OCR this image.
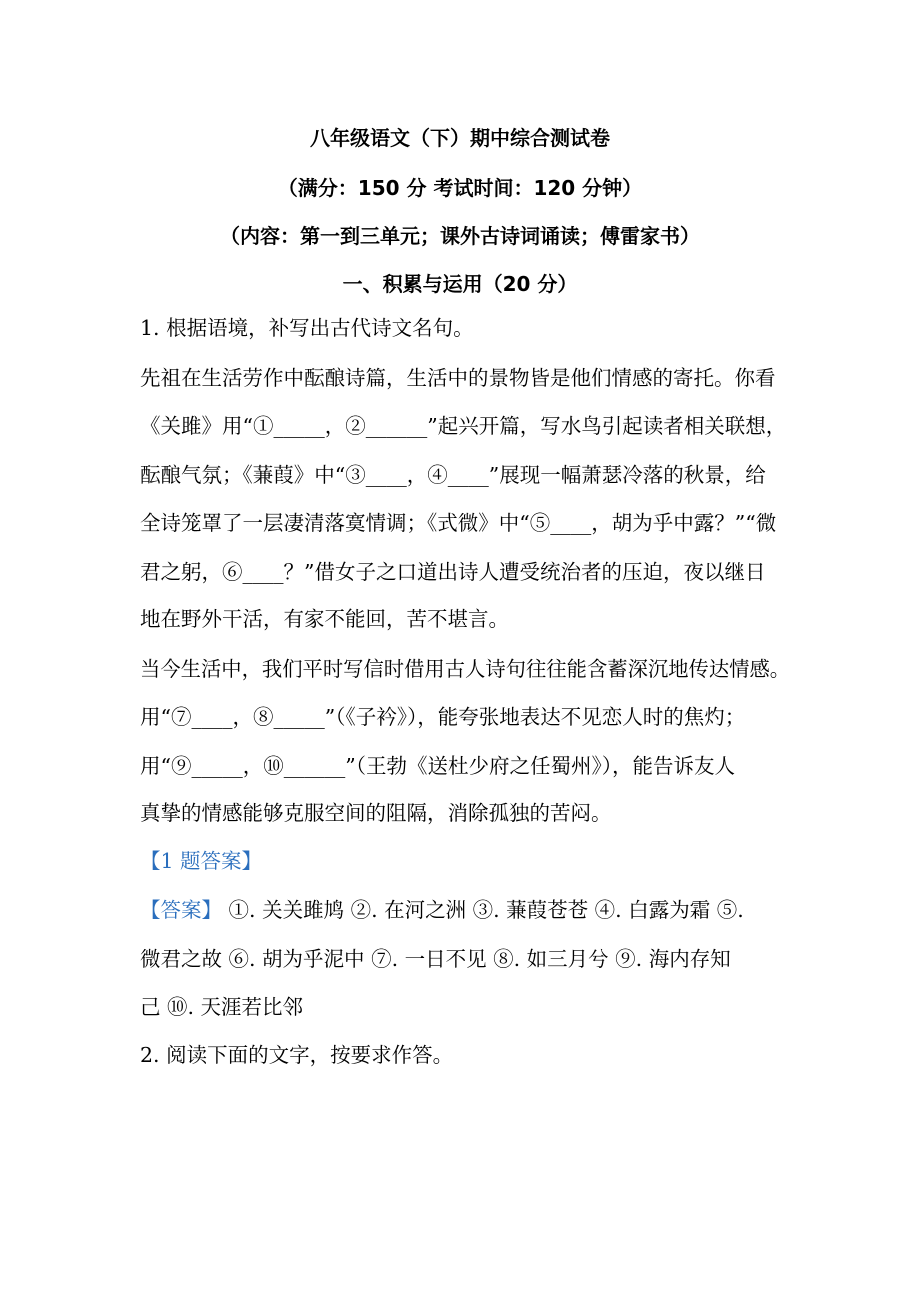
八年级语文（下）期中综合测试卷
（满分：150 分 考试时间：120 分钟）
（内容：第一到三单元；课外古诗词诵读；傅雷家书）
一、积累与运用（20 分）
1. 根据语境，补写出古代诗文名句。
先祖在生活劳作中酝酿诗篇，生活中的景物皆是他们情感的寄托。你看
《关雎》用“①_____，②______”起兴开篇，写水鸟引起读者相关联想，
酝酿气氛；《蒹葭》中“③____，④____”展现一幅萧瑟冷落的秋景，给
全诗笼罩了一层凄清落寞情调；《式微》中“⑤____，胡为乎中露？”“微
君之躬，⑥____？”借女子之口道出诗人遭受统治者的压迫，夜以继日
地在野外干活，有家不能回，苦不堪言。
当今生活中，我们平时写信时借用古人诗句往往能含蓄深沉地传达情感。
用“⑦____，⑧_____”（《子衿》），能夸张地表达不见恋人时的焦灼；
用“⑨_____，⑩______”（王勃《送杜少府之任蜀州》），能告诉友人
真挚的情感能够克服空间的阻隔，消除孤独的苦闷。
【1 题答案】
【答案】 ①. 关关雎鸠 ②. 在河之洲 ③. 蒹葭苍苍 ④. 白露为霜 ⑤.
微君之故 ⑥. 胡为乎泥中 ⑦. 一日不见 ⑧. 如三月兮 ⑨. 海内存知
己 ⑩. 天涯若比邻
2. 阅读下面的文字，按要求作答。
